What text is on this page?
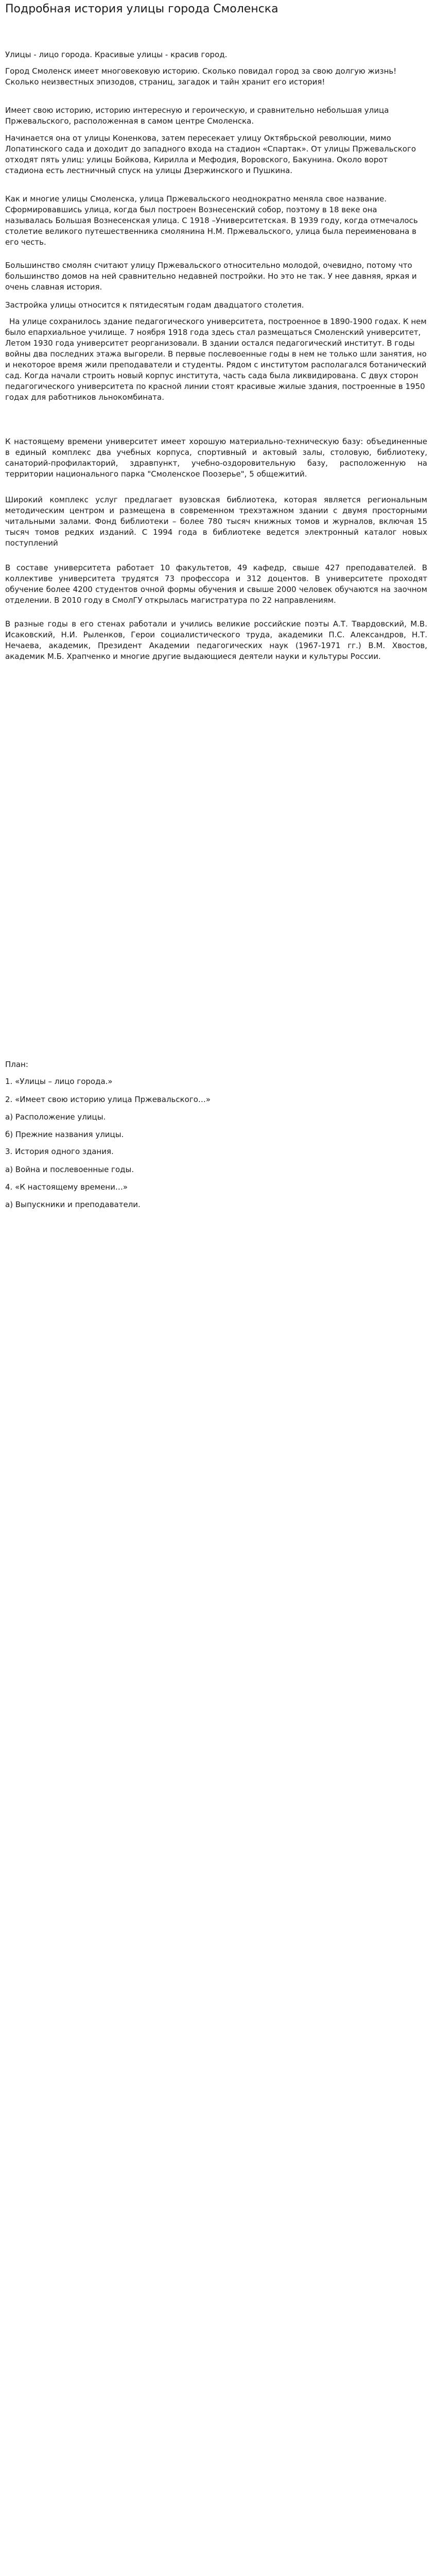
Подробная история улицы города Смоленска

Улицы - лицо города. Красивые улицы - красив город.

Город Смоленск имеет многовековую историю. Сколько повидал город за свою долгую жизнь! Сколько неизвестных эпизодов, страниц, загадок и тайн хранит его история!

Имеет свою историю, историю интересную и героическую, и сравнительно небольшая улица Пржевальского, расположенная в самом центре Смоленска.

Начинается она от улицы Коненкова, затем пересекает улицу Октябрьской революции, мимо Лопатинского сада и доходит до западного входа на стадион «Спартак». От улицы Пржевальского отходят пять улиц: улицы Бойкова, Кирилла и Мефодия, Воровского, Бакунина. Около ворот стадиона есть лестничный спуск на улицы Дзержинского и Пушкина.

Как и многие улицы Смоленска, улица Пржевальского неоднократно меняла свое название. Сформировавшись улица, когда был построен Вознесенский собор, поэтому в 18 веке она называлась Большая Вознесенская улица. С 1918 –Университетская. В 1939 году, когда отмечалось столетие великого путешественника смолянина Н.М. Пржевальского, улица была переименована в его честь.

Большинство смолян считают улицу Пржевальского относительно молодой, очевидно, потому что большинство домов на ней сравнительно недавней постройки. Но это не так. У нее давняя, яркая и очень славная история.

Застройка улицы относится к пятидесятым годам двадцатого столетия.

На улице сохранилось здание педагогического университета, построенное в 1890-1900 годах. К нем было епархиальное училище. 7 ноября 1918 года здесь стал размещаться Смоленский университет, Летом 1930 года университет реорганизовали. В здании остался педагогический институт. В годы войны два последних этажа выгорели. В первые послевоенные годы в нем не только шли занятия, но и некоторое время жили преподаватели и студенты. Рядом с институтом располагался ботанический сад. Когда начали строить новый корпус института, часть сада была ликвидирована. С двух сторон педагогического университета по красной линии стоят красивые жилые здания, построенные в 1950 годах для работников льнокомбината.

К настоящему времени университет имеет хорошую материально-техническую базу: объединенные в единый комплекс два учебных корпуса, спортивный и актовый залы, столовую, библиотеку, санаторий-профилакторий, здравпункт, учебно-оздоровительную базу, расположенную на территории национального парка "Смоленское Поозерье", 5 общежитий.

Широкий комплекс услуг предлагает вузовская библиотека, которая является региональным методическим центром и размещена в современном трехэтажном здании с двумя просторными читальными залами. Фонд библиотеки – более 780 тысяч книжных томов и журналов, включая 15 тысяч томов редких изданий. С 1994 года в библиотеке ведется электронный каталог новых поступлений

В составе университета работает 10 факультетов, 49 кафедр, свыше 427 преподавателей. В коллективе университета трудятся 73 профессора и 312 доцентов. В университете проходят обучение более 4200 студентов очной формы обучения и свыше 2000 человек обучаются на заочном отделении. В 2010 году в СмолГУ открылась магистратура по 22 направлениям.

В разные годы в его стенах работали и учились великие российские поэты А.Т. Твардовский, М.В. Исаковский, Н.И. Рыленков, Герои социалистического труда, академики П.С. Александров, Н.Т. Нечаева, академик, Президент Академии педагогических наук (1967-1971 гг.) В.М. Хвостов, академик М.Б. Храпченко и многие другие выдающиеся деятели науки и культуры России.

План:

1. «Улицы – лицо города.»

2. «Имеет свою историю улица Пржевальского…»

а) Расположение улицы.

б) Прежние названия улицы.

3. История одного здания.

а) Война и послевоенные годы.

4. «К настоящему времени…»

а) Выпускники и преподаватели.
